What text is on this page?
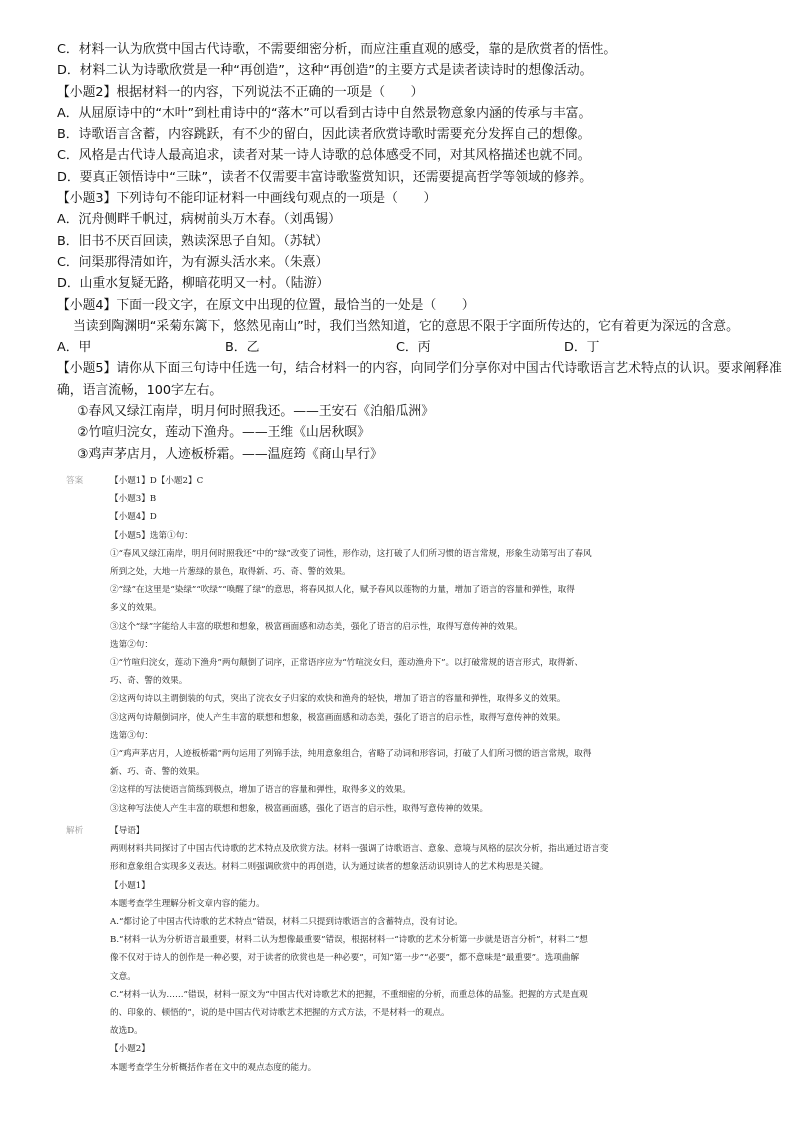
C．材料一认为欣赏中国古代诗歌，不需要细密分析，而应注重直观的感受，靠的是欣赏者的悟性。

D．材料二认为诗歌欣赏是一种“再创造”，这种“再创造”的主要方式是读者读诗时的想像活动。

【小题2】根据材料一的内容，下列说法不正确的一项是（　　）

A．从屈原诗中的“木叶”到杜甫诗中的“落木”可以看到古诗中自然景物意象内涵的传承与丰富。

B．诗歌语言含蓄，内容跳跃，有不少的留白，因此读者欣赏诗歌时需要充分发挥自己的想像。

C．风格是古代诗人最高追求，读者对某一诗人诗歌的总体感受不同，对其风格描述也就不同。

D．要真正领悟诗中“三昧”，读者不仅需要丰富诗歌鉴赏知识，还需要提高哲学等领域的修养。

【小题3】下列诗句不能印证材料一中画线句观点的一项是（　　）

A．沉舟侧畔千帆过，病树前头万木春。（刘禹锡）

B．旧书不厌百回读，熟读深思子自知。（苏轼）

C．问渠那得清如许，为有源头活水来。（朱熹）

D．山重水复疑无路，柳暗花明又一村。（陆游）

【小题4】下面一段文字，在原文中出现的位置，最恰当的一处是（　　）

当读到陶渊明“采菊东篱下，悠然见南山”时，我们当然知道，它的意思不限于字面所传达的，它有着更为深远的含意。

A．甲	B．乙	C．丙	D．丁

【小题5】请你从下面三句诗中任选一句，结合材料一的内容，向同学们分享你对中国古代诗歌语言艺术特点的认识。要求阐释准

确，语言流畅，100字左右。

①春风又绿江南岸，明月何时照我还。——王安石《泊船瓜洲》

②竹喧归浣女，莲动下渔舟。——王维《山居秋暝》

③鸡声茅店月，人迹板桥霜。——温庭筠《商山早行》

答案	【小题1】D【小题2】C

【小题3】B

【小题4】D

【小题5】选第①句：

①“春风又绿江南岸，明月何时照我还”中的“绿”改变了词性，形作动，这打破了人们所习惯的语言常规，形象生动第写出了春风

所到之处，大地一片葱绿的景色，取得新、巧、奇、警的效果。

②“绿”在这里是“染绿”“吹绿”“唤醒了绿”的意思，将春风拟人化，赋予春风以莲物的力量，增加了语言的容量和弹性，取得

多义的效果。

③这个“绿”字能给人丰富的联想和想象，极富画面感和动态美，强化了语言的启示性，取得写意传神的效果。

选第②句：

①“竹喧归浣女，莲动下渔舟”两句颠倒了词序，正常语序应为“竹喧浣女归，莲动渔舟下”。以打破常规的语言形式，取得新、

巧、奇、警的效果。

②这两句诗以主谓倒装的句式，突出了浣衣女子归家的欢快和渔舟的轻快，增加了语言的容量和弹性，取得多义的效果。

③这两句诗颠倒词序，使人产生丰富的联想和想象，极富画面感和动态美，强化了语言的启示性，取得写意传神的效果。

选第③句：

①“鸡声茅店月，人迹板桥霜”两句运用了列锦手法，纯用意象组合，省略了动词和形容词，打破了人们所习惯的语言常规，取得

新、巧、奇、警的效果。

②这样的写法使语言简练到极点，增加了语言的容量和弹性，取得多义的效果。

③这种写法使人产生丰富的联想和想象，极富画面感，强化了语言的启示性，取得写意传神的效果。

解析	【导语】

两则材料共同探讨了中国古代诗歌的艺术特点及欣赏方法。材料一强调了诗歌语言、意象、意境与风格的层次分析，指出通过语言变

形和意象组合实现多义表达。材料二则强调欣赏中的再创造，认为通过读者的想象活动识别诗人的艺术构思是关键。

【小题1】

本题考查学生理解分析文章内容的能力。

A.“都讨论了中国古代诗歌的艺术特点”错误，材料二只提到诗歌语言的含蓄特点，没有讨论。

B.“材料一认为分析语言最重要，材料二认为想像最重要”错误，根据材料一“诗歌的艺术分析第一步就是语言分析”，材料二“想

像不仅对于诗人的创作是一种必要，对于读者的欣赏也是一种必要”，可知“第一步”“必要”，都不意味是“最重要”。选项曲解

文意。

C.“材料一认为……”错误，材料一原文为“中国古代对诗歌艺术的把握，不重细密的分析，而重总体的品鉴。把握的方式是直观

的、印象的、顿悟的”，说的是中国古代对诗歌艺术把握的方式方法，不是材料一的观点。

故选D。

【小题2】

本题考查学生分析概括作者在文中的观点态度的能力。
